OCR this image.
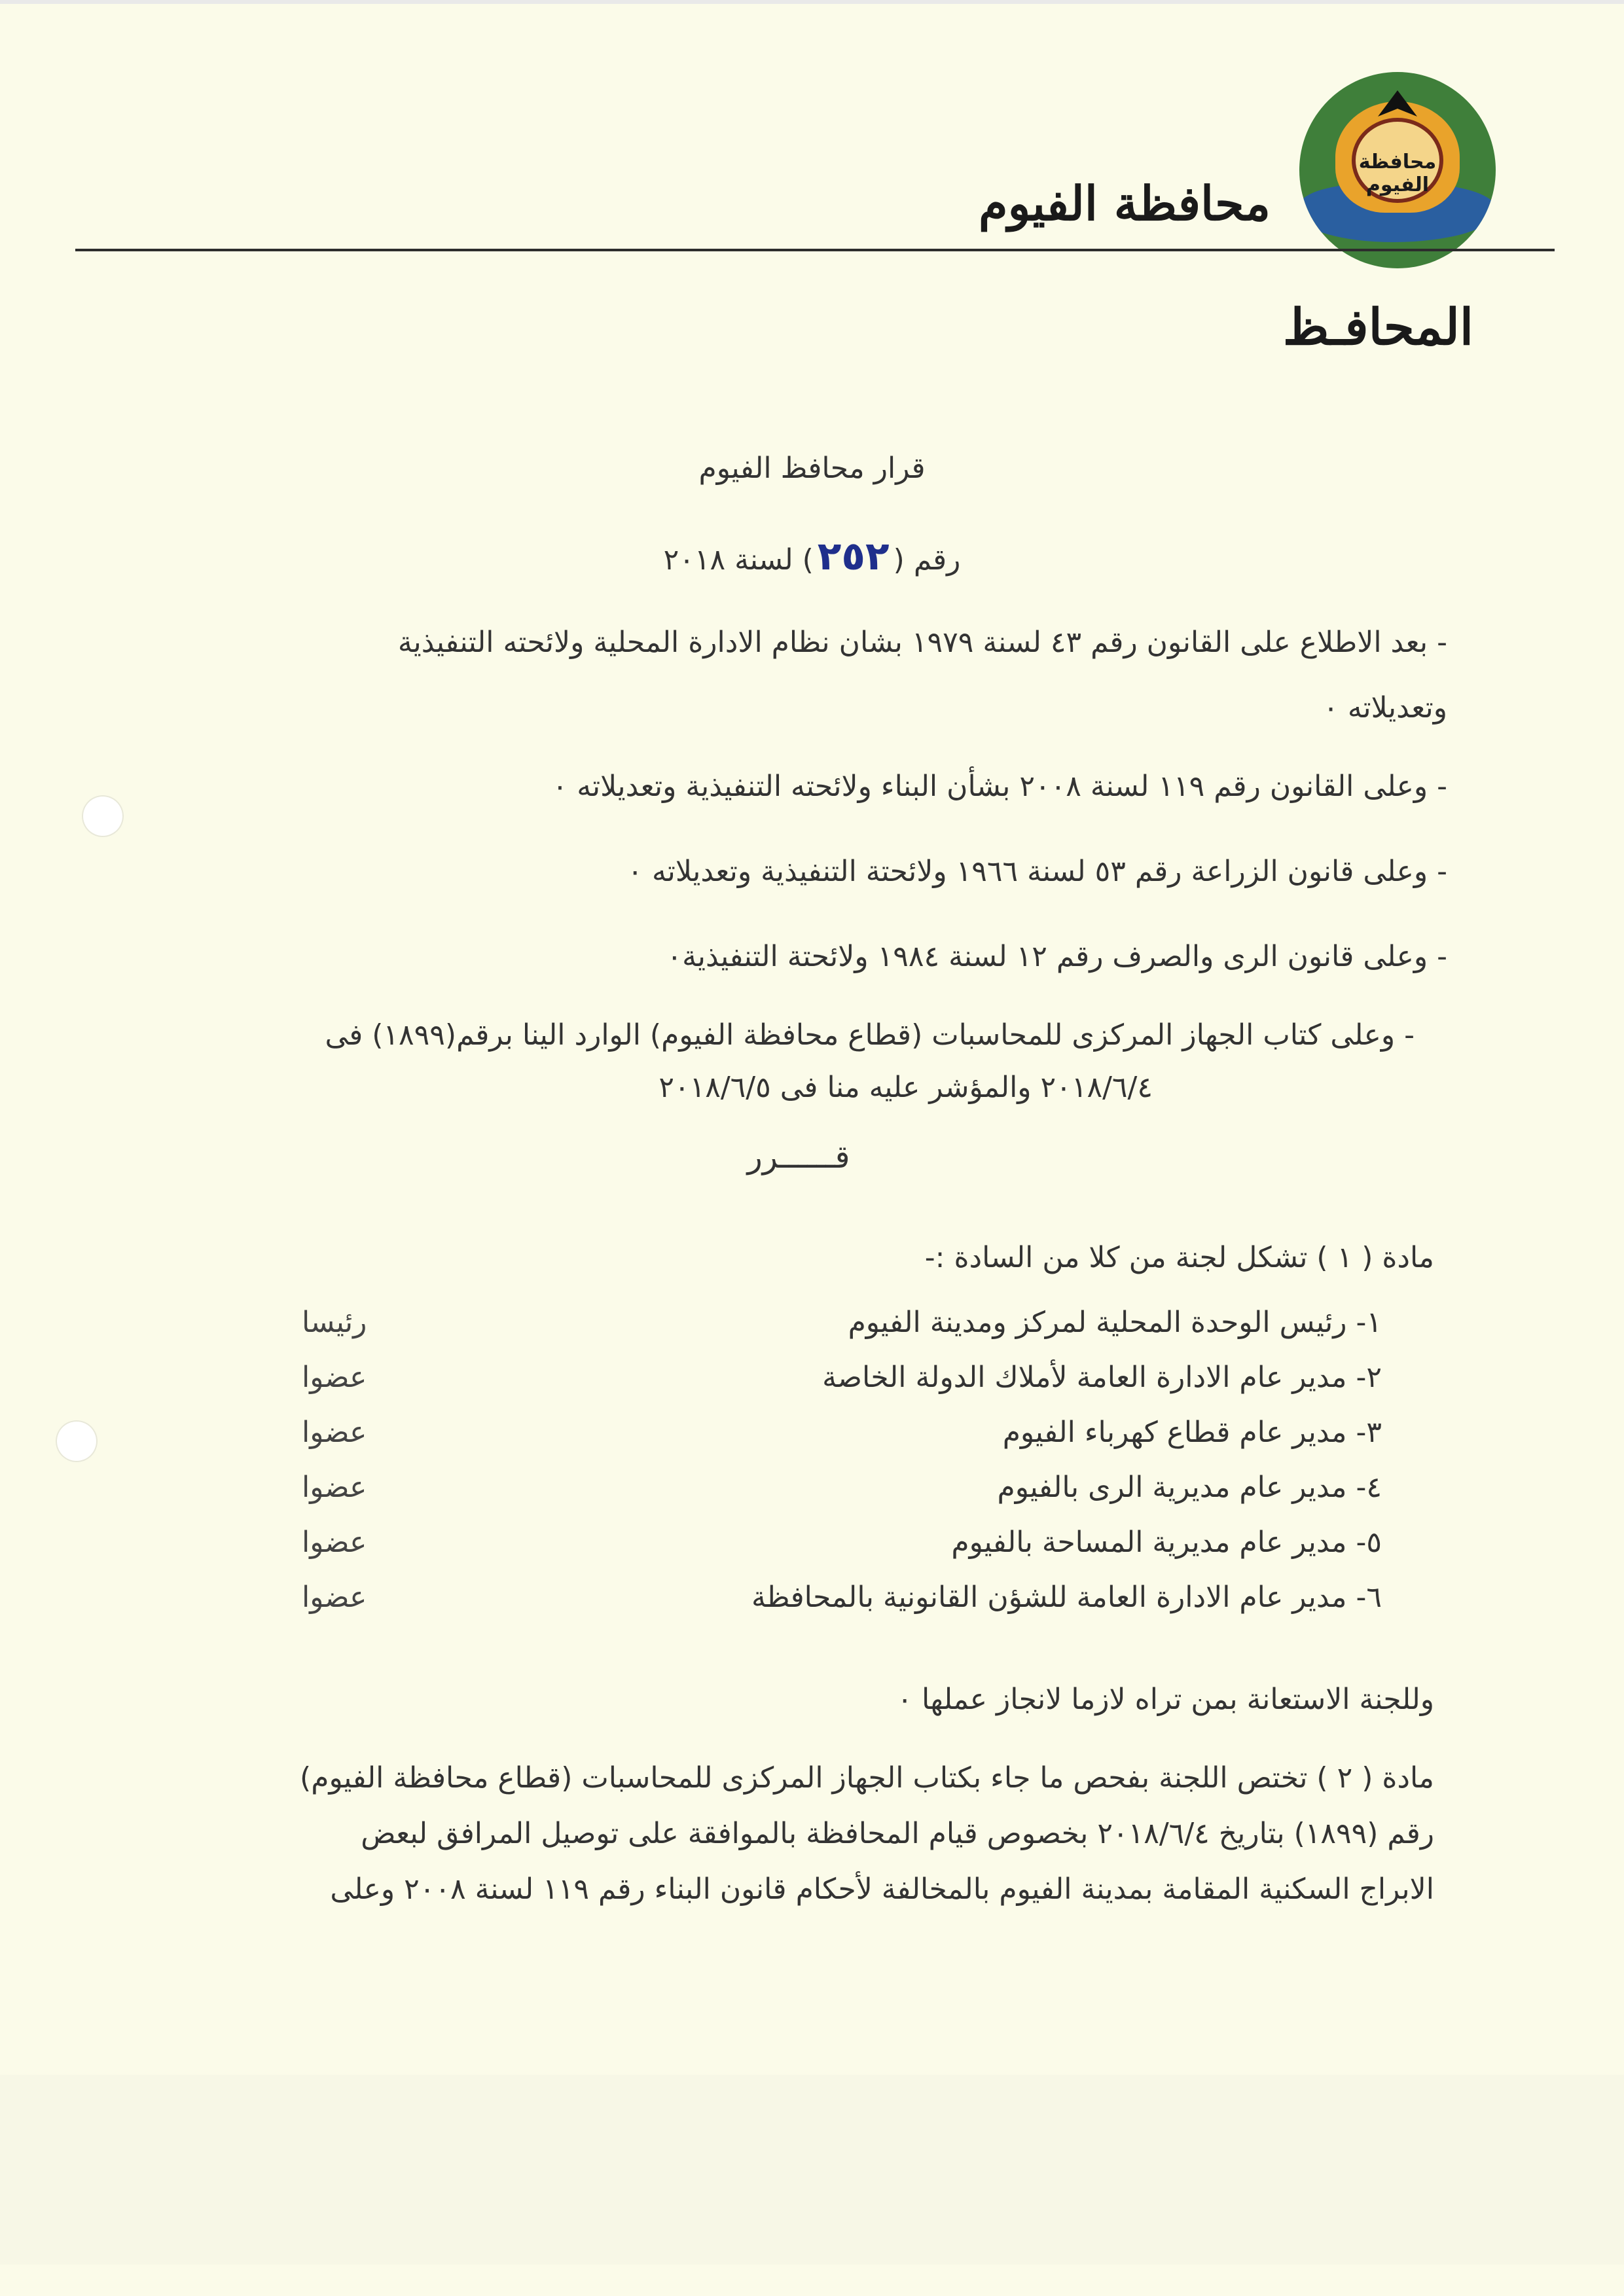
محافظة الفيوم
محافظة الفيوم
المحافـظ
قرار محافظ الفيوم
رقم (٢٥٢) لسنة ٢٠١٨
- بعد الاطلاع على القانون رقم ٤٣ لسنة ١٩٧٩ بشان نظام الادارة المحلية ولائحته التنفيذية
وتعديلاته ٠
- وعلى القانون رقم ١١٩ لسنة ٢٠٠٨ بشأن البناء ولائحته التنفيذية وتعديلاته ٠
- وعلى قانون الزراعة رقم ٥٣ لسنة ١٩٦٦ ولائحتة التنفيذية وتعديلاته ٠
- وعلى قانون الرى والصرف رقم ١٢ لسنة ١٩٨٤ ولائحتة التنفيذية٠
- وعلى كتاب الجهاز المركزى للمحاسبات (قطاع محافظة الفيوم) الوارد الينا برقم(١٨٩٩) فى
٢٠١٨/٦/٤ والمؤشر عليه منا فى ٢٠١٨/٦/٥
قــــــرر
مادة ( ١ ) تشكل لجنة من كلا من السادة :-
١- رئيس الوحدة المحلية لمركز ومدينة الفيوم
رئيسا
٢- مدير عام الادارة العامة لأملاك الدولة الخاصة
عضوا
٣- مدير عام قطاع كهرباء الفيوم
عضوا
٤- مدير عام مديرية الرى بالفيوم
عضوا
٥- مدير عام مديرية المساحة بالفيوم
عضوا
٦- مدير عام الادارة العامة للشؤن القانونية بالمحافظة
عضوا
وللجنة الاستعانة بمن تراه لازما لانجاز عملها ٠
مادة ( ٢ ) تختص اللجنة بفحص ما جاء بكتاب الجهاز المركزى للمحاسبات (قطاع محافظة الفيوم)
رقم (١٨٩٩) بتاريخ ٢٠١٨/٦/٤ بخصوص قيام المحافظة بالموافقة على توصيل المرافق لبعض
الابراج السكنية المقامة بمدينة الفيوم بالمخالفة لأحكام قانون البناء رقم ١١٩ لسنة ٢٠٠٨ وعلى
